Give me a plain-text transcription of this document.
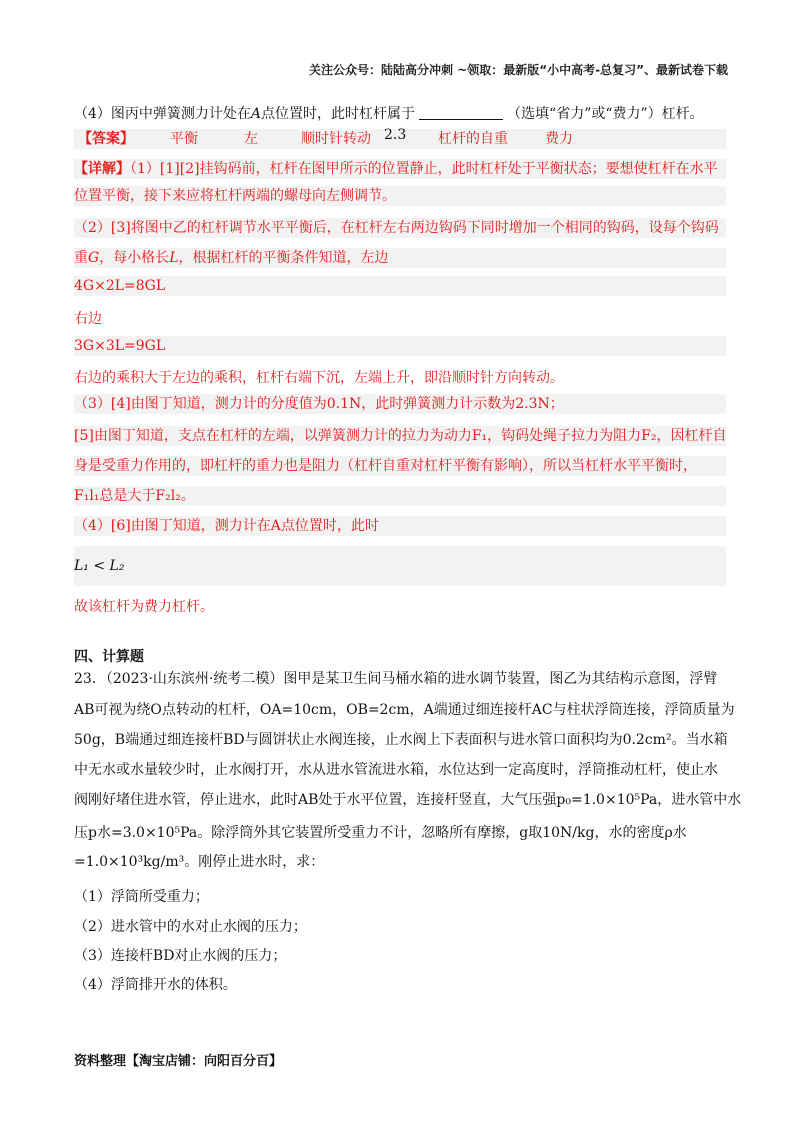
关注公众号：陆陆高分冲刺 ~领取：最新版“小中高考-总复习”、最新试卷下载
（4）图丙中弹簧测力计处在A点位置时，此时杠杆属于	（选填“省力”或“费力”）杠杆。
【答案】	平衡	左	顺时针转动 2.3 杠杆的自重	费力
【详解】（1）[1][2]挂钩码前，杠杆在图甲所示的位置静止，此时杠杆处于平衡状态；要想使杠杆在水平
位置平衡，接下来应将杠杆两端的螺母向左侧调节。
（2）[3]将图中乙的杠杆调节水平平衡后，在杠杆左右两边钩码下同时增加一个相同的钩码，设每个钩码
重G，每小格长L，根据杠杆的平衡条件知道，左边
4G×2L=8GL
右边
3G×3L=9GL
右边的乘积大于左边的乘积，杠杆右端下沉，左端上升，即沿顺时针方向转动。
（3）[4]由图丁知道，测力计的分度值为0.1N，此时弹簧测力计示数为2.3N；
[5]由图丁知道，支点在杠杆的左端，以弹簧测力计的拉力为动力F₁，钩码处绳子拉力为阻力F₂，因杠杆自
身是受重力作用的，即杠杆的重力也是阻力（杠杆自重对杠杆平衡有影响），所以当杠杆水平平衡时，
F₁l₁总是大于F₂l₂。
（4）[6]由图丁知道，测力计在A点位置时，此时
L₁ < L₂
故该杠杆为费力杠杆。
四、计算题
23．（2023·山东滨州·统考二模）图甲是某卫生间马桶水箱的进水调节装置，图乙为其结构示意图，浮臂
AB可视为绕O点转动的杠杆，OA=10cm，OB=2cm，A端通过细连接杆AC与柱状浮筒连接，浮筒质量为
50g，B端通过细连接杆BD与圆饼状止水阀连接，止水阀上下表面积与进水管口面积均为0.2cm²。当水箱
中无水或水量较少时，止水阀打开，水从进水管流进水箱，水位达到一定高度时，浮筒推动杠杆，使止水
阀刚好堵住进水管，停止进水，此时AB处于水平位置，连接杆竖直，大气压强p₀=1.0×10⁵Pa，进水管中水
压p水=3.0×10⁵Pa。除浮筒外其它装置所受重力不计，忽略所有摩擦，g取10N/kg，水的密度ρ水
=1.0×10³kg/m³。刚停止进水时，求：
（1）浮筒所受重力；
（2）进水管中的水对止水阀的压力；
（3）连接杆BD对止水阀的压力；
（4）浮筒排开水的体积。
资料整理【淘宝店铺：向阳百分百】
